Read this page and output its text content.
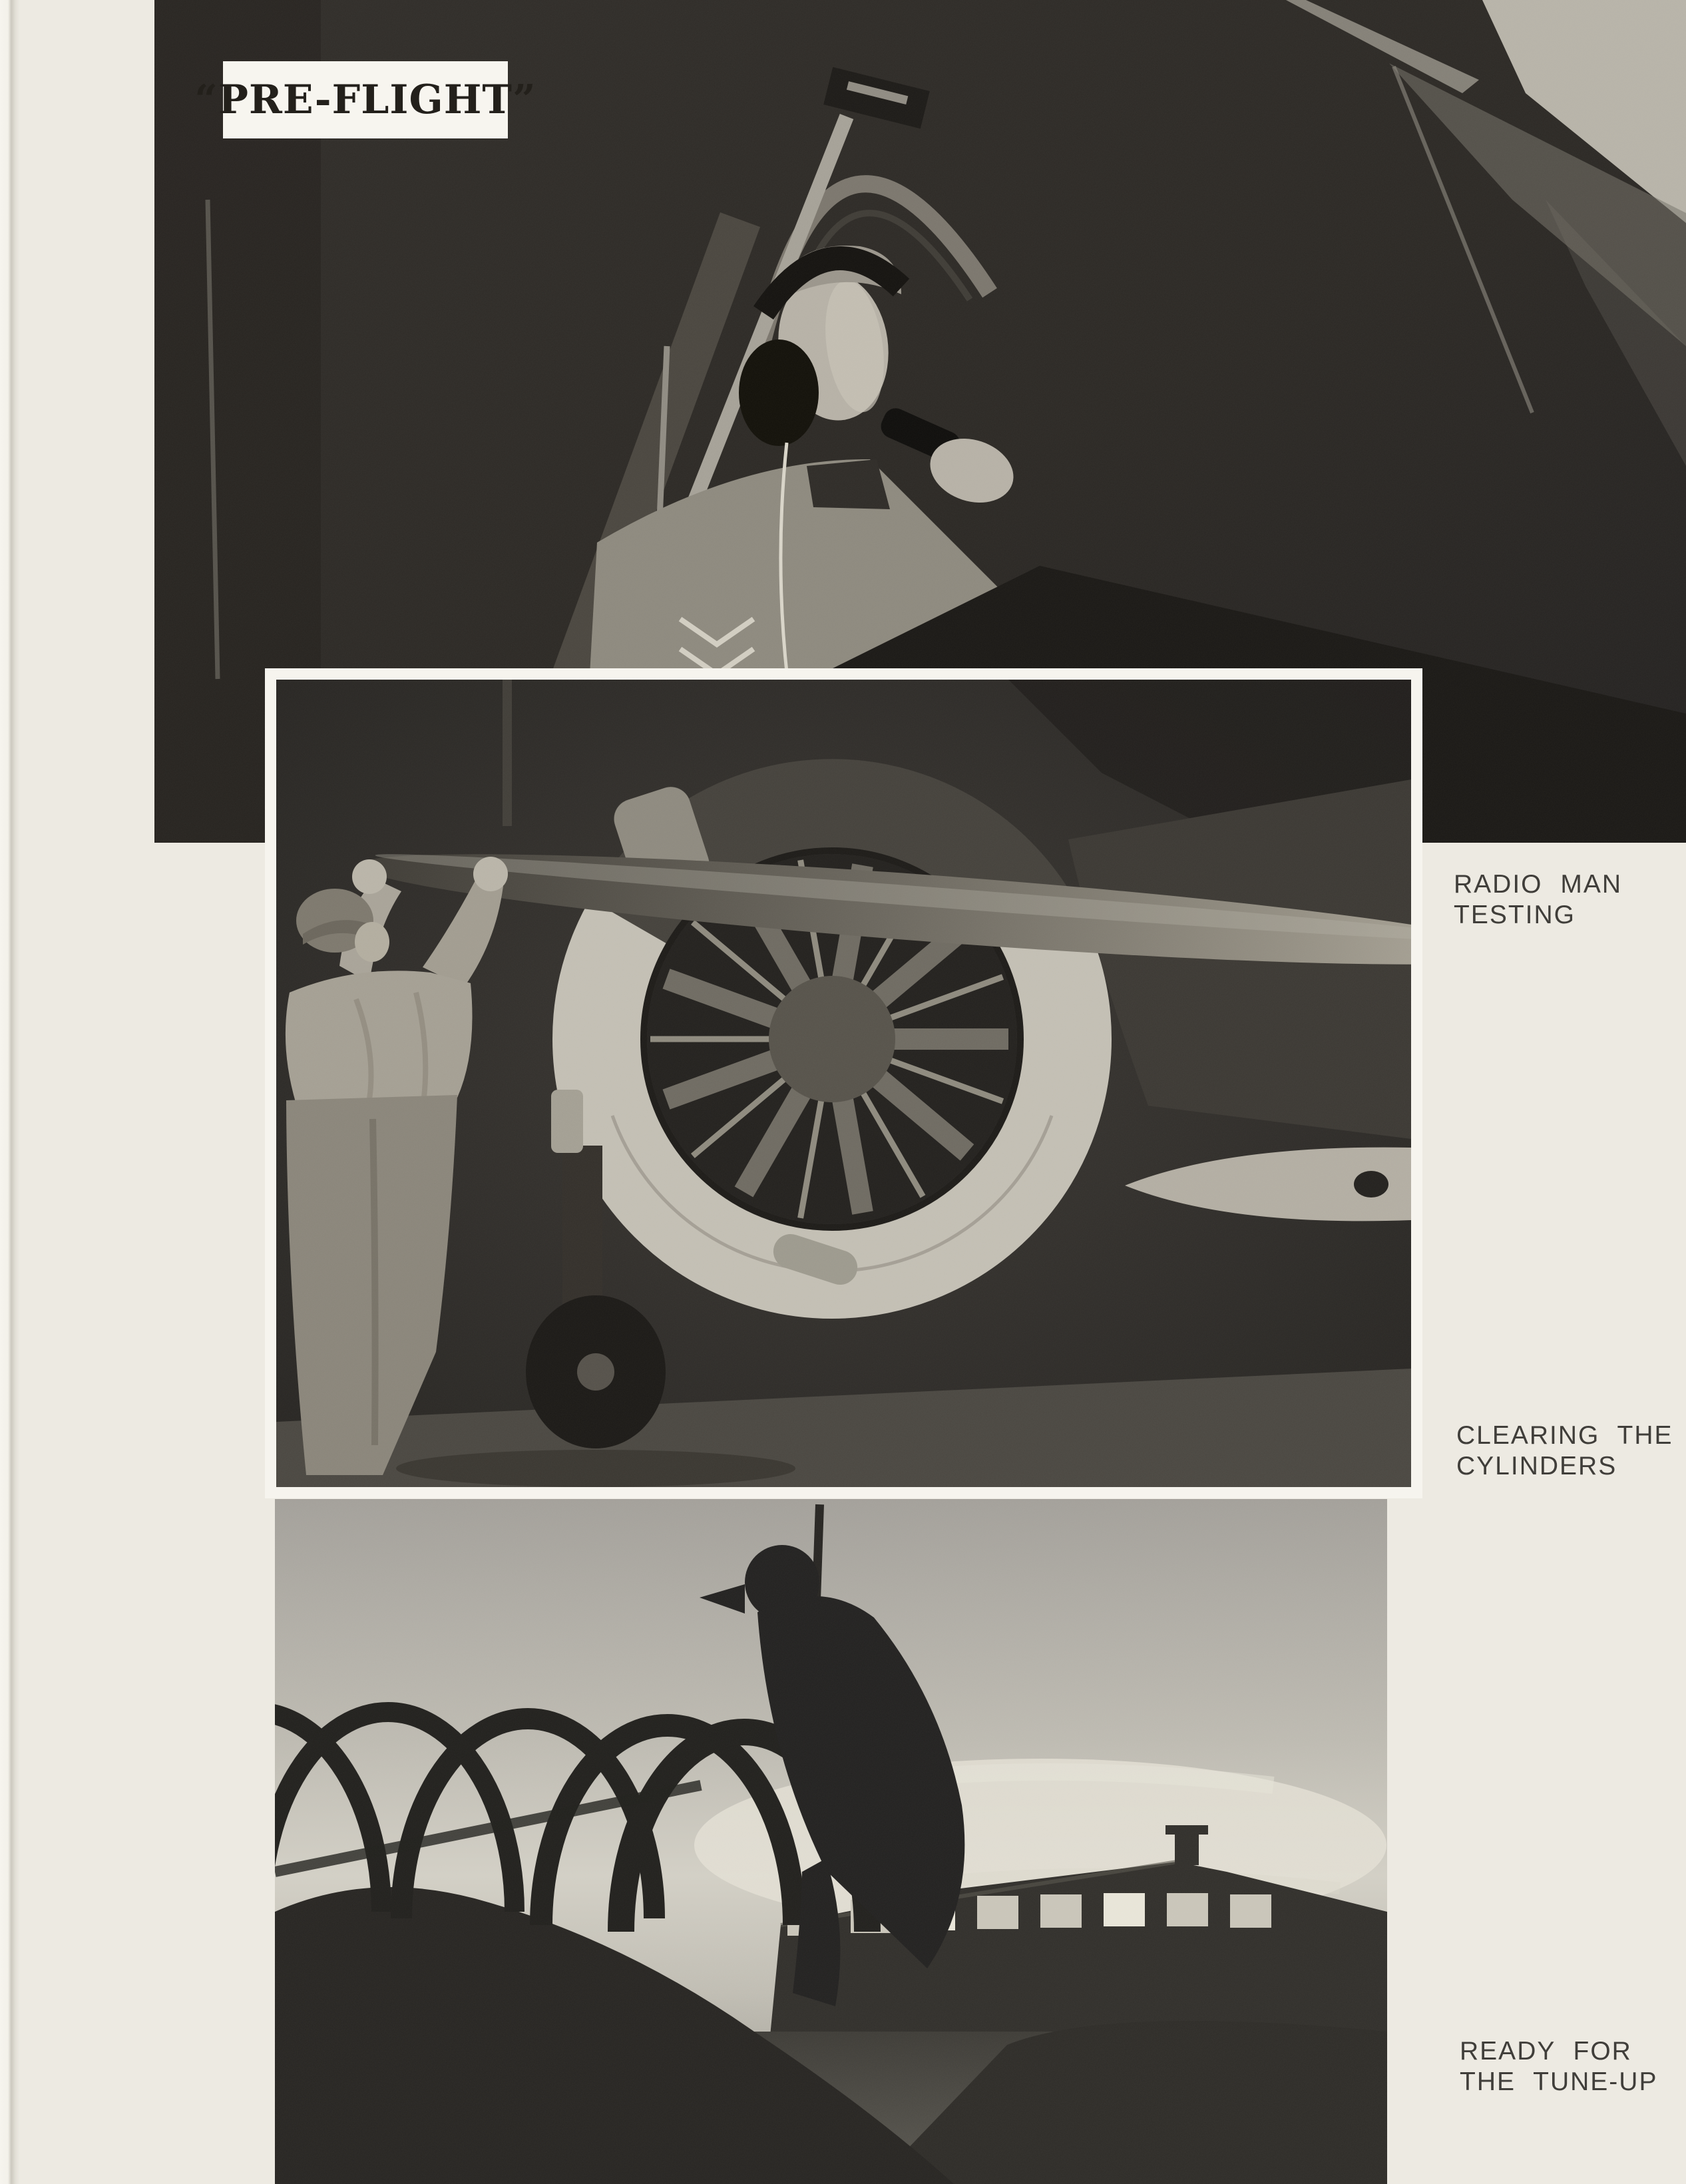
“PRE-FLIGHT”
RADIO MAN
TESTING
CLEARING THE
CYLINDERS
READY FOR
THE TUNE-UP
